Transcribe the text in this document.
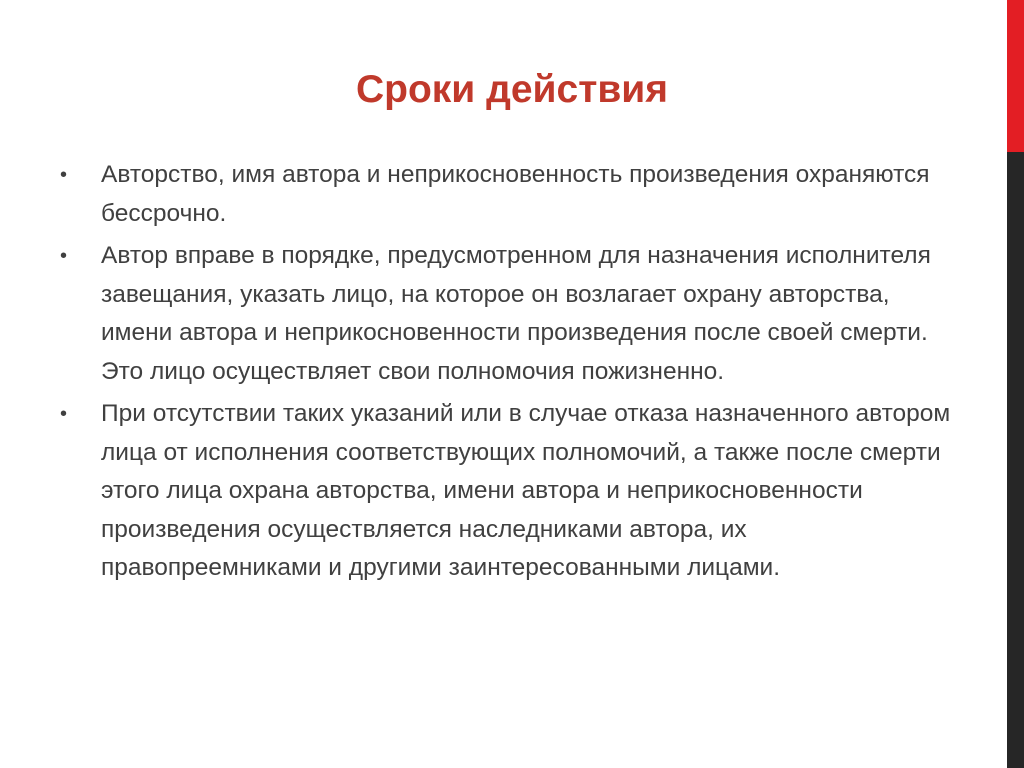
Сроки действия
•	Авторство, имя автора и неприкосновенность произведения охраняются бессрочно.
•	Автор вправе в порядке, предусмотренном для назначения исполнителя завещания, указать лицо, на которое он возлагает охрану авторства, имени автора и неприкосновенности произведения после своей смерти. Это лицо осуществляет свои полномочия пожизненно.
•	При отсутствии таких указаний или в случае отказа назначенного автором лица от исполнения соответствующих полномочий, а также после смерти этого лица охрана авторства, имени автора и неприкосновенности произведения осуществляется наследниками автора, их правопреемниками и другими заинтересованными лицами.
